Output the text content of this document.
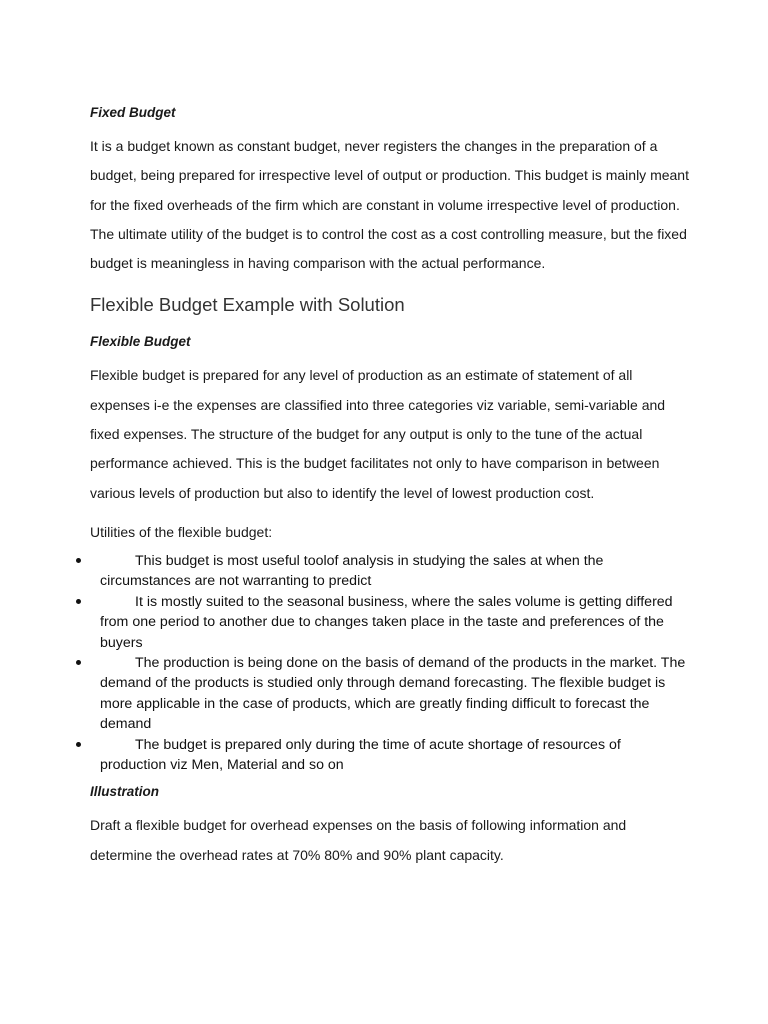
Fixed Budget

It is a budget known as constant budget, never registers the changes in the preparation of a budget, being prepared for irrespective level of output or production. This budget is mainly meant for the fixed overheads of the firm which are constant in volume irrespective level of production. The ultimate utility of the budget is to control the cost as a cost controlling measure, but the fixed budget is meaningless in having comparison with the actual performance.

Flexible Budget Example with Solution
Flexible Budget

Flexible budget is prepared for any level of production as an estimate of statement of all expenses i-e the expenses are classified into three categories viz variable, semi-variable and fixed expenses. The structure of the budget for any output is only to the tune of the actual performance achieved. This is the budget facilitates not only to have comparison in between various levels of production but also to identify the level of lowest production cost.

Utilities of the flexible budget:
This budget is most useful toolof analysis in studying the sales at when the circumstances are not warranting to predict
It is mostly suited to the seasonal business, where the sales volume is getting differed from one period to another due to changes taken place in the taste and preferences of the buyers
The production is being done on the basis of demand of the products in the market. The demand of the products is studied only through demand forecasting. The flexible budget is more applicable in the case of products, which are greatly finding difficult to forecast the demand
The budget is prepared only during the time of acute shortage of resources of production viz Men, Material and so on
Illustration

Draft a flexible budget for overhead expenses on the basis of following information and determine the overhead rates at 70% 80% and 90% plant capacity.
